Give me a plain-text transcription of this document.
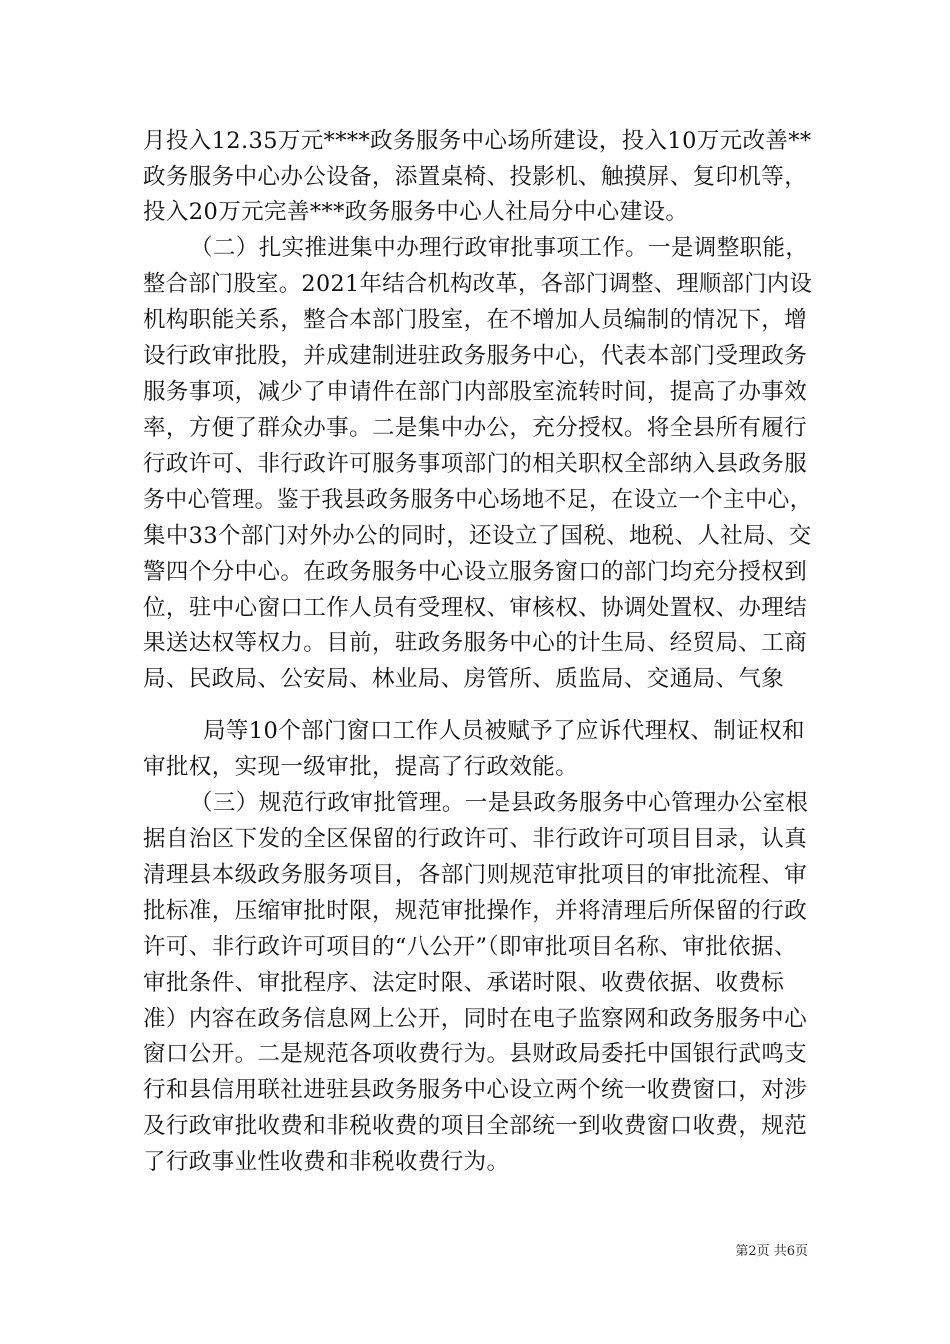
月投入12.35万元****政务服务中心场所建设，投入10万元改善**
政务服务中心办公设备，添置桌椅、投影机、触摸屏、复印机等，
投入20万元完善***政务服务中心人社局分中心建设。
（二）扎实推进集中办理行政审批事项工作。一是调整职能，
整合部门股室。2021年结合机构改革，各部门调整、理顺部门内设
机构职能关系，整合本部门股室，在不增加人员编制的情况下，增
设行政审批股，并成建制进驻政务服务中心，代表本部门受理政务
服务事项，减少了申请件在部门内部股室流转时间，提高了办事效
率，方便了群众办事。二是集中办公，充分授权。将全县所有履行
行政许可、非行政许可服务事项部门的相关职权全部纳入县政务服
务中心管理。鉴于我县政务服务中心场地不足，在设立一个主中心，
集中33个部门对外办公的同时，还设立了国税、地税、人社局、交
警四个分中心。在政务服务中心设立服务窗口的部门均充分授权到
位，驻中心窗口工作人员有受理权、审核权、协调处置权、办理结
果送达权等权力。目前，驻政务服务中心的计生局、经贸局、工商
局、民政局、公安局、林业局、房管所、质监局、交通局、气象
局等10个部门窗口工作人员被赋予了应诉代理权、制证权和
审批权，实现一级审批，提高了行政效能。
（三）规范行政审批管理。一是县政务服务中心管理办公室根
据自治区下发的全区保留的行政许可、非行政许可项目目录，认真
清理县本级政务服务项目，各部门则规范审批项目的审批流程、审
批标准，压缩审批时限，规范审批操作，并将清理后所保留的行政
许可、非行政许可项目的“八公开”（即审批项目名称、审批依据、
审批条件、审批程序、法定时限、承诺时限、收费依据、收费标
准）内容在政务信息网上公开，同时在电子监察网和政务服务中心
窗口公开。二是规范各项收费行为。县财政局委托中国银行武鸣支
行和县信用联社进驻县政务服务中心设立两个统一收费窗口，对涉
及行政审批收费和非税收费的项目全部统一到收费窗口收费，规范
了行政事业性收费和非税收费行为。
第2页 共6页
